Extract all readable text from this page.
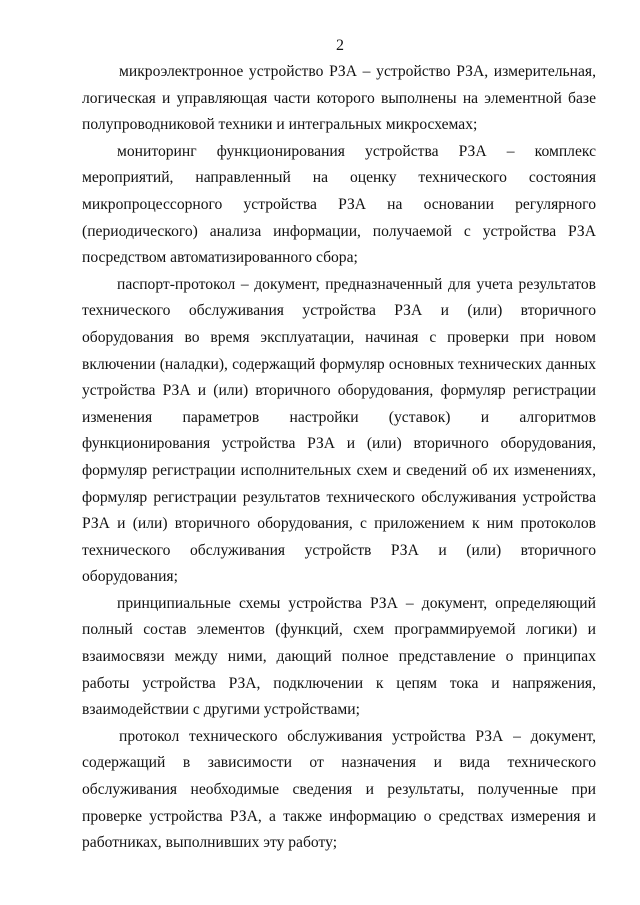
2

микроэлектронное устройство РЗА – устройство РЗА, измерительная, логическая и управляющая части которого выполнены на элементной базе полупроводниковой техники и интегральных микросхемах;

мониторинг функционирования устройства РЗА – комплекс мероприятий, направленный на оценку технического состояния микропроцессорного устройства РЗА на основании регулярного (периодического) анализа информации, получаемой с устройства РЗА посредством автоматизированного сбора;

паспорт-протокол – документ, предназначенный для учета результатов технического обслуживания устройства РЗА и (или) вторичного оборудования во время эксплуатации, начиная с проверки при новом включении (наладки), содержащий формуляр основных технических данных устройства РЗА и (или) вторичного оборудования, формуляр регистрации изменения параметров настройки (уставок) и алгоритмов функционирования устройства РЗА и (или) вторичного оборудования, формуляр регистрации исполнительных схем и сведений об их изменениях, формуляр регистрации результатов технического обслуживания устройства РЗА и (или) вторичного оборудования, с приложением к ним протоколов технического обслуживания устройств РЗА и (или) вторичного оборудования;

принципиальные схемы устройства РЗА – документ, определяющий полный состав элементов (функций, схем программируемой логики) и взаимосвязи между ними, дающий полное представление о принципах работы устройства РЗА, подключении к цепям тока и напряжения, взаимодействии с другими устройствами;

протокол технического обслуживания устройства РЗА – документ, содержащий в зависимости от назначения и вида технического обслуживания необходимые сведения и результаты, полученные при проверке устройства РЗА, а также информацию о средствах измерения и работниках, выполнивших эту работу;
